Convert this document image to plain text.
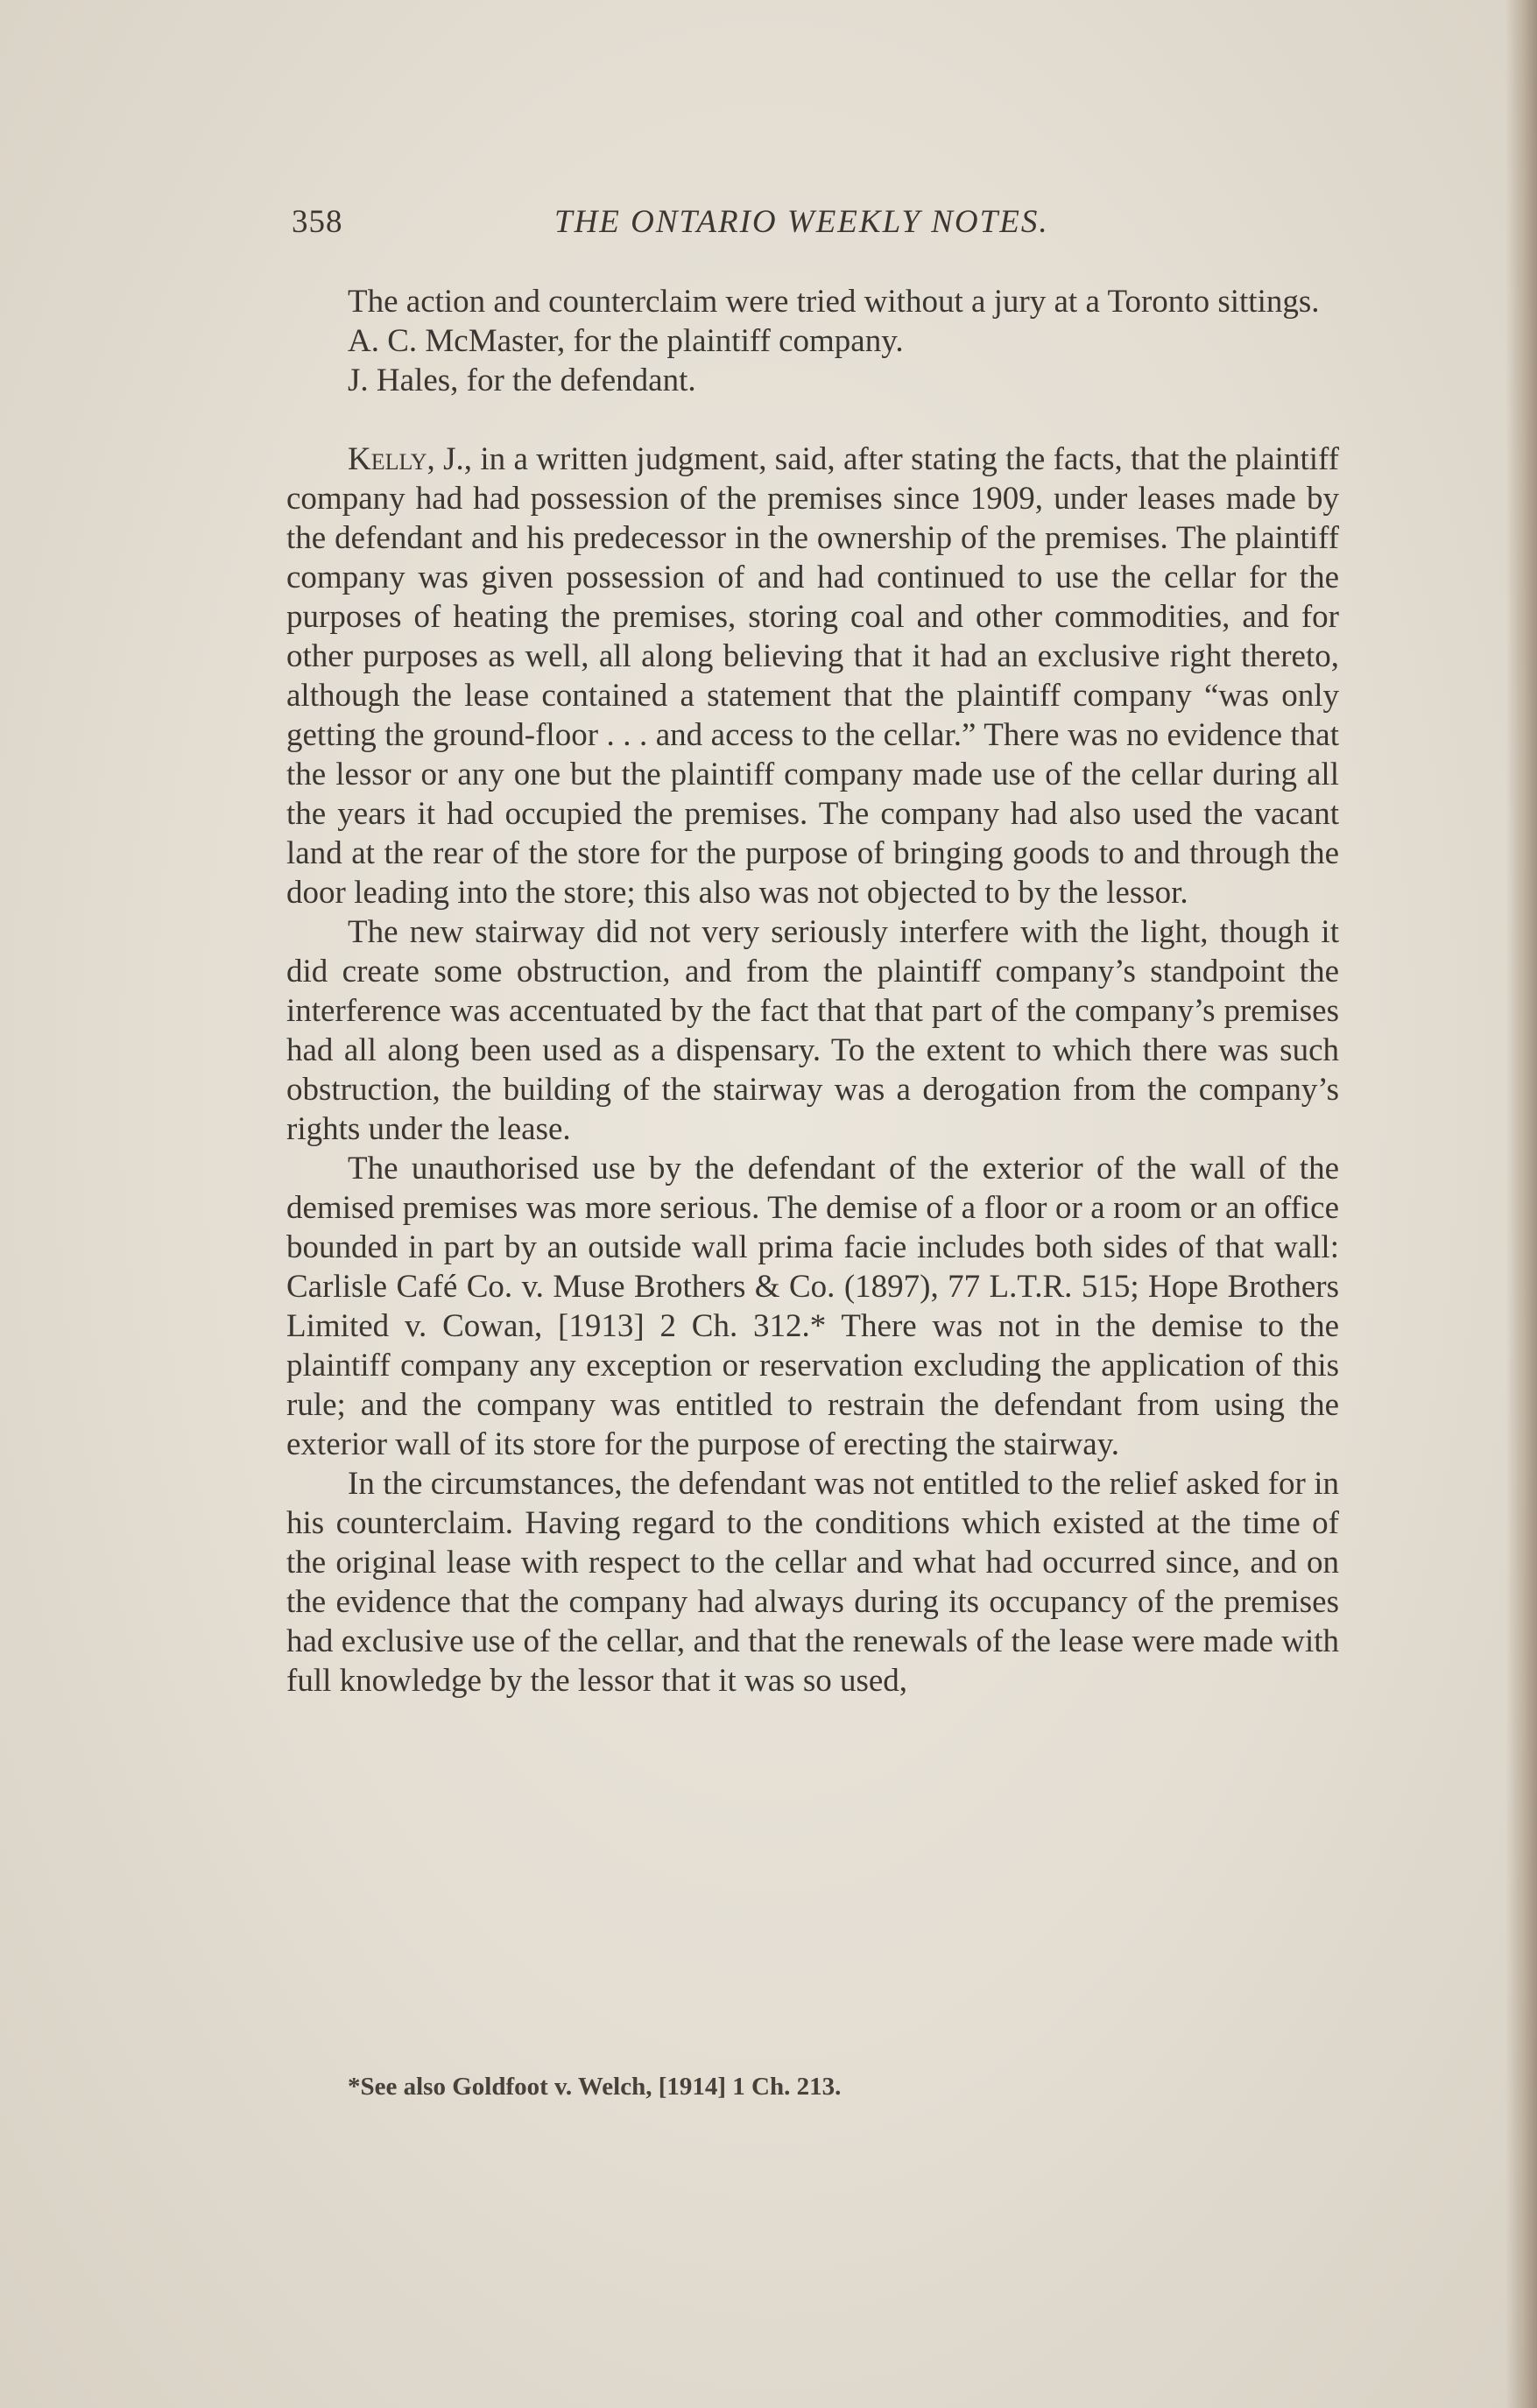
358	THE ONTARIO WEEKLY NOTES.

The action and counterclaim were tried without a jury at a Toronto sittings.

A. C. McMaster, for the plaintiff company.

J. Hales, for the defendant.

Kelly, J., in a written judgment, said, after stating the facts, that the plaintiff company had had possession of the premises since 1909, under leases made by the defendant and his predecessor in the ownership of the premises. The plaintiff company was given possession of and had continued to use the cellar for the purposes of heating the premises, storing coal and other commodities, and for other purposes as well, all along believing that it had an exclusive right thereto, although the lease contained a statement that the plaintiff company “was only getting the ground-floor . . . and access to the cellar.” There was no evidence that the lessor or any one but the plaintiff company made use of the cellar during all the years it had occupied the premises. The company had also used the vacant land at the rear of the store for the purpose of bringing goods to and through the door leading into the store; this also was not objected to by the lessor.

The new stairway did not very seriously interfere with the light, though it did create some obstruction, and from the plaintiff company’s standpoint the interference was accentuated by the fact that that part of the company’s premises had all along been used as a dispensary. To the extent to which there was such obstruction, the building of the stairway was a derogation from the company’s rights under the lease.

The unauthorised use by the defendant of the exterior of the wall of the demised premises was more serious. The demise of a floor or a room or an office bounded in part by an outside wall prima facie includes both sides of that wall: Carlisle Café Co. v. Muse Brothers & Co. (1897), 77 L.T.R. 515; Hope Brothers Limited v. Cowan, [1913] 2 Ch. 312.* There was not in the demise to the plaintiff company any exception or reservation excluding the application of this rule; and the company was entitled to restrain the defendant from using the exterior wall of its store for the purpose of erecting the stairway.

In the circumstances, the defendant was not entitled to the relief asked for in his counterclaim. Having regard to the conditions which existed at the time of the original lease with respect to the cellar and what had occurred since, and on the evidence that the company had always during its occupancy of the premises had exclusive use of the cellar, and that the renewals of the lease were made with full knowledge by the lessor that it was so used,

*See also Goldfoot v. Welch, [1914] 1 Ch. 213.
